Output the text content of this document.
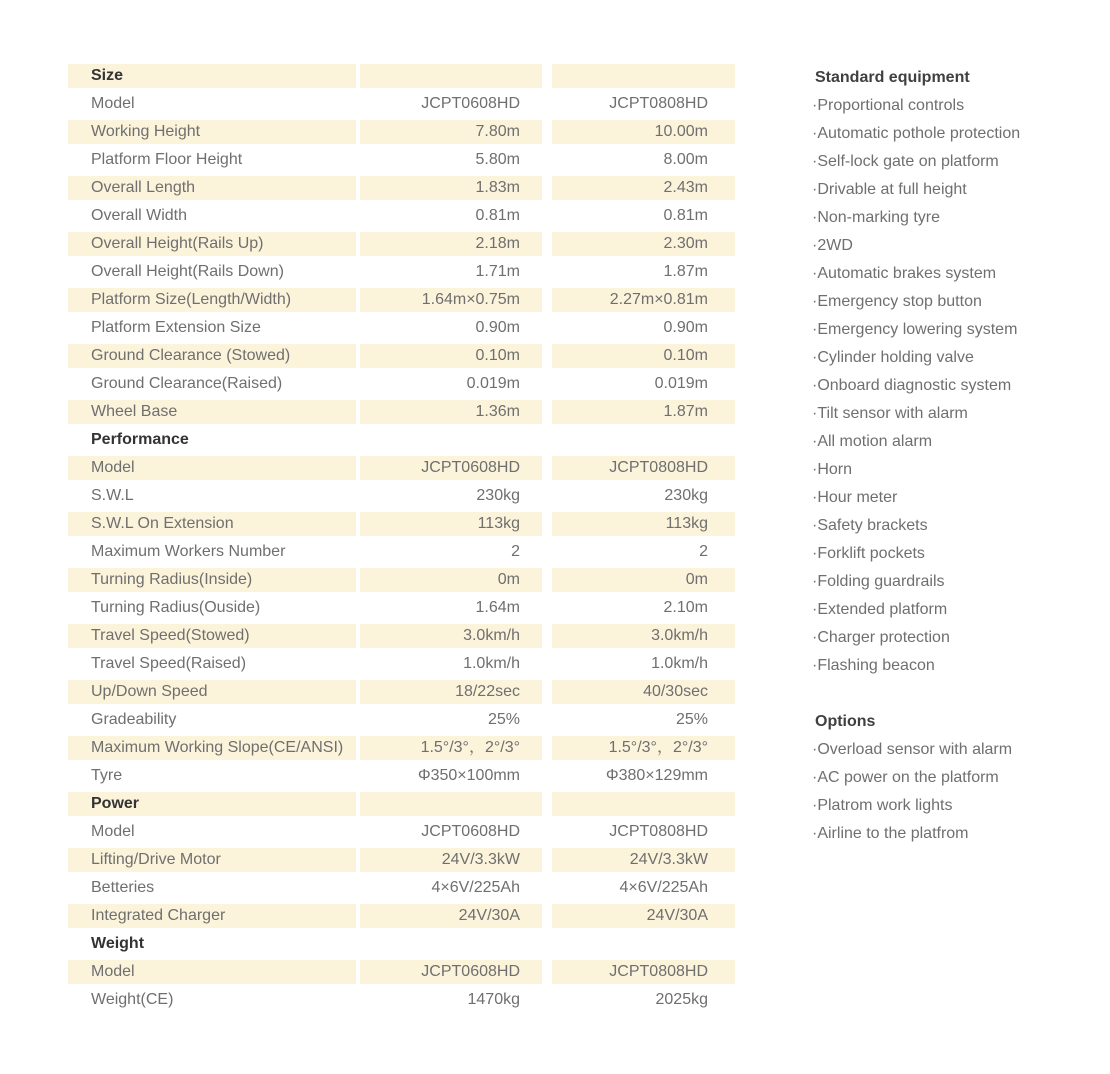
Size
Model	JCPT0608HD	JCPT0808HD
Working Height	7.80m	10.00m
Platform Floor Height	5.80m	8.00m
Overall Length	1.83m	2.43m
Overall Width	0.81m	0.81m
Overall Height(Rails Up)	2.18m	2.30m
Overall Height(Rails Down)	1.71m	1.87m
Platform Size(Length/Width)	1.64m×0.75m	2.27m×0.81m
Platform Extension Size	0.90m	0.90m
Ground Clearance (Stowed)	0.10m	0.10m
Ground Clearance(Raised)	0.019m	0.019m
Wheel Base	1.36m	1.87m
Performance
Model	JCPT0608HD	JCPT0808HD
S.W.L	230kg	230kg
S.W.L On Extension	113kg	113kg
Maximum Workers Number	2	2
Turning Radius(Inside)	0m	0m
Turning Radius(Ouside)	1.64m	2.10m
Travel Speed(Stowed)	3.0km/h	3.0km/h
Travel Speed(Raised)	1.0km/h	1.0km/h
Up/Down Speed	18/22sec	40/30sec
Gradeability	25%	25%
Maximum Working Slope(CE/ANSI)	1.5°/3°，2°/3°	1.5°/3°，2°/3°
Tyre	Φ350×100mm	Φ380×129mm
Power
Model	JCPT0608HD	JCPT0808HD
Lifting/Drive Motor	24V/3.3kW	24V/3.3kW
Betteries	4×6V/225Ah	4×6V/225Ah
Integrated Charger	24V/30A	24V/30A
Weight
Model	JCPT0608HD	JCPT0808HD
Weight(CE)	1470kg	2025kg
Standard equipment
·Proportional controls
·Automatic pothole protection
·Self-lock gate on platform
·Drivable at full height
·Non-marking tyre
·2WD
·Automatic brakes system
·Emergency stop button
·Emergency lowering system
·Cylinder holding valve
·Onboard diagnostic system
·Tilt sensor with alarm
·All motion alarm
·Horn
·Hour meter
·Safety brackets
·Forklift pockets
·Folding guardrails
·Extended platform
·Charger protection
·Flashing beacon
Options
·Overload sensor with alarm
·AC power on the platform
·Platrom work lights
·Airline to the platfrom
